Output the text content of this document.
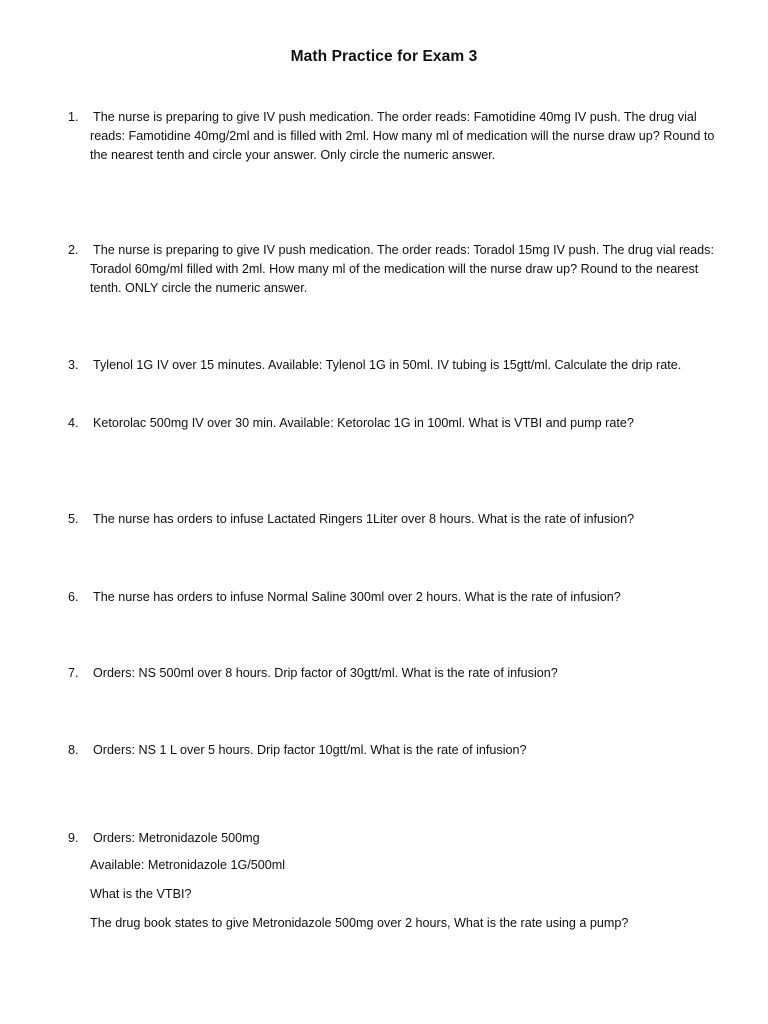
Math Practice for Exam 3
1.	The nurse is preparing to give IV push medication. The order reads: Famotidine 40mg IV push. The drug vial reads: Famotidine 40mg/2ml and is filled with 2ml. How many ml of medication will the nurse draw up? Round to the nearest tenth and circle your answer. Only circle the numeric answer.
2.	The nurse is preparing to give IV push medication. The order reads: Toradol 15mg IV push. The drug vial reads: Toradol 60mg/ml filled with 2ml. How many ml of the medication will the nurse draw up? Round to the nearest tenth. ONLY circle the numeric answer.
3.	Tylenol 1G IV over 15 minutes. Available: Tylenol 1G in 50ml. IV tubing is 15gtt/ml. Calculate the drip rate.
4.	Ketorolac 500mg IV over 30 min. Available: Ketorolac 1G in 100ml. What is VTBI and pump rate?
5.	The nurse has orders to infuse Lactated Ringers 1Liter over 8 hours. What is the rate of infusion?
6.	The nurse has orders to infuse Normal Saline 300ml over 2 hours. What is the rate of infusion?
7.	Orders: NS 500ml over 8 hours. Drip factor of 30gtt/ml. What is the rate of infusion?
8.	Orders: NS 1 L over 5 hours. Drip factor 10gtt/ml. What is the rate of infusion?
9.	Orders: Metronidazole 500mg
Available: Metronidazole 1G/500ml
What is the VTBI?
The drug book states to give Metronidazole 500mg over 2 hours, What is the rate using a pump?
